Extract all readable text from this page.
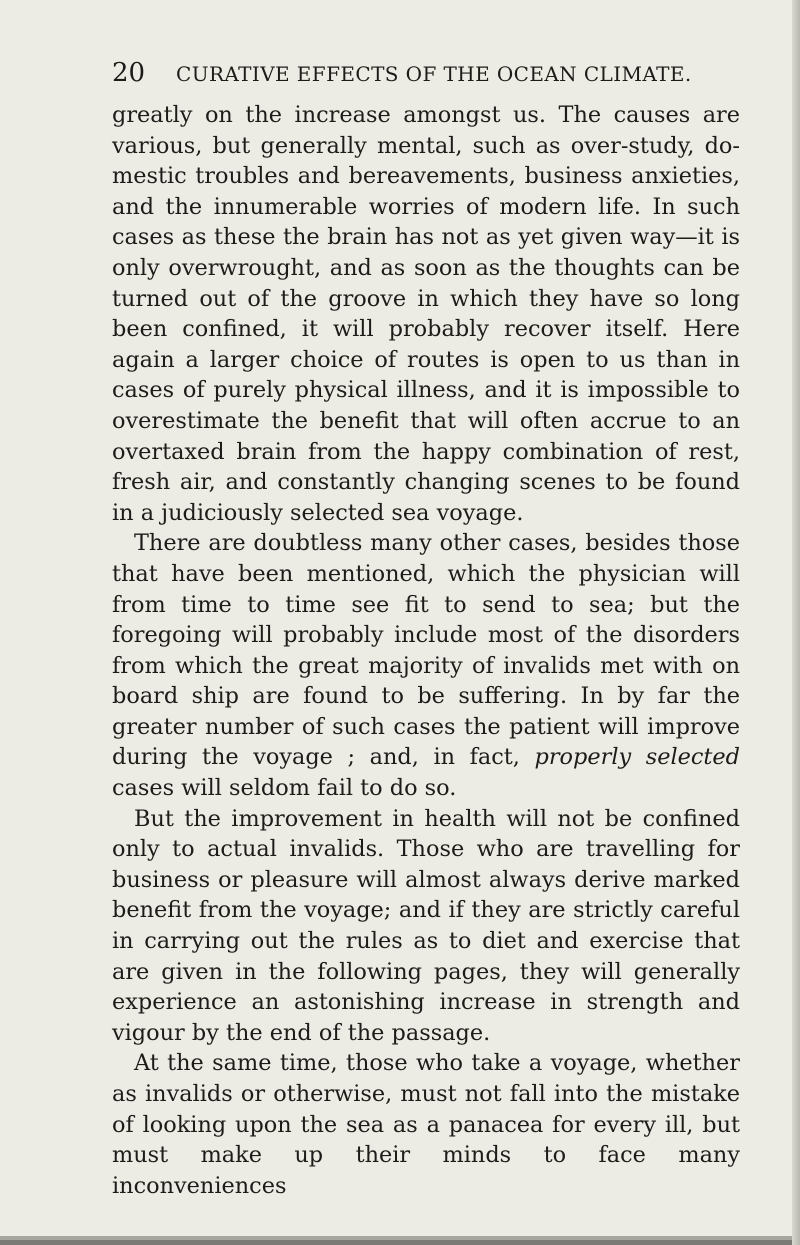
20 CURATIVE EFFECTS OF THE OCEAN CLIMATE.

greatly on the increase amongst us. The causes are various, but generally mental, such as over-study, domestic troubles and bereavements, business anxieties, and the innumerable worries of modern life. In such cases as these the brain has not as yet given way—it is only overwrought, and as soon as the thoughts can be turned out of the groove in which they have so long been confined, it will probably recover itself. Here again a larger choice of routes is open to us than in cases of purely physical illness, and it is impossible to overestimate the benefit that will often accrue to an overtaxed brain from the happy combination of rest, fresh air, and constantly changing scenes to be found in a judiciously selected sea voyage.

There are doubtless many other cases, besides those that have been mentioned, which the physician will from time to time see fit to send to sea; but the foregoing will probably include most of the disorders from which the great majority of invalids met with on board ship are found to be suffering. In by far the greater number of such cases the patient will improve during the voyage ; and, in fact, properly selected cases will seldom fail to do so.

But the improvement in health will not be confined only to actual invalids. Those who are travelling for business or pleasure will almost always derive marked benefit from the voyage; and if they are strictly careful in carrying out the rules as to diet and exercise that are given in the following pages, they will generally experience an astonishing increase in strength and vigour by the end of the passage.

At the same time, those who take a voyage, whether as invalids or otherwise, must not fall into the mistake of looking upon the sea as a panacea for every ill, but must make up their minds to face many inconveniences
